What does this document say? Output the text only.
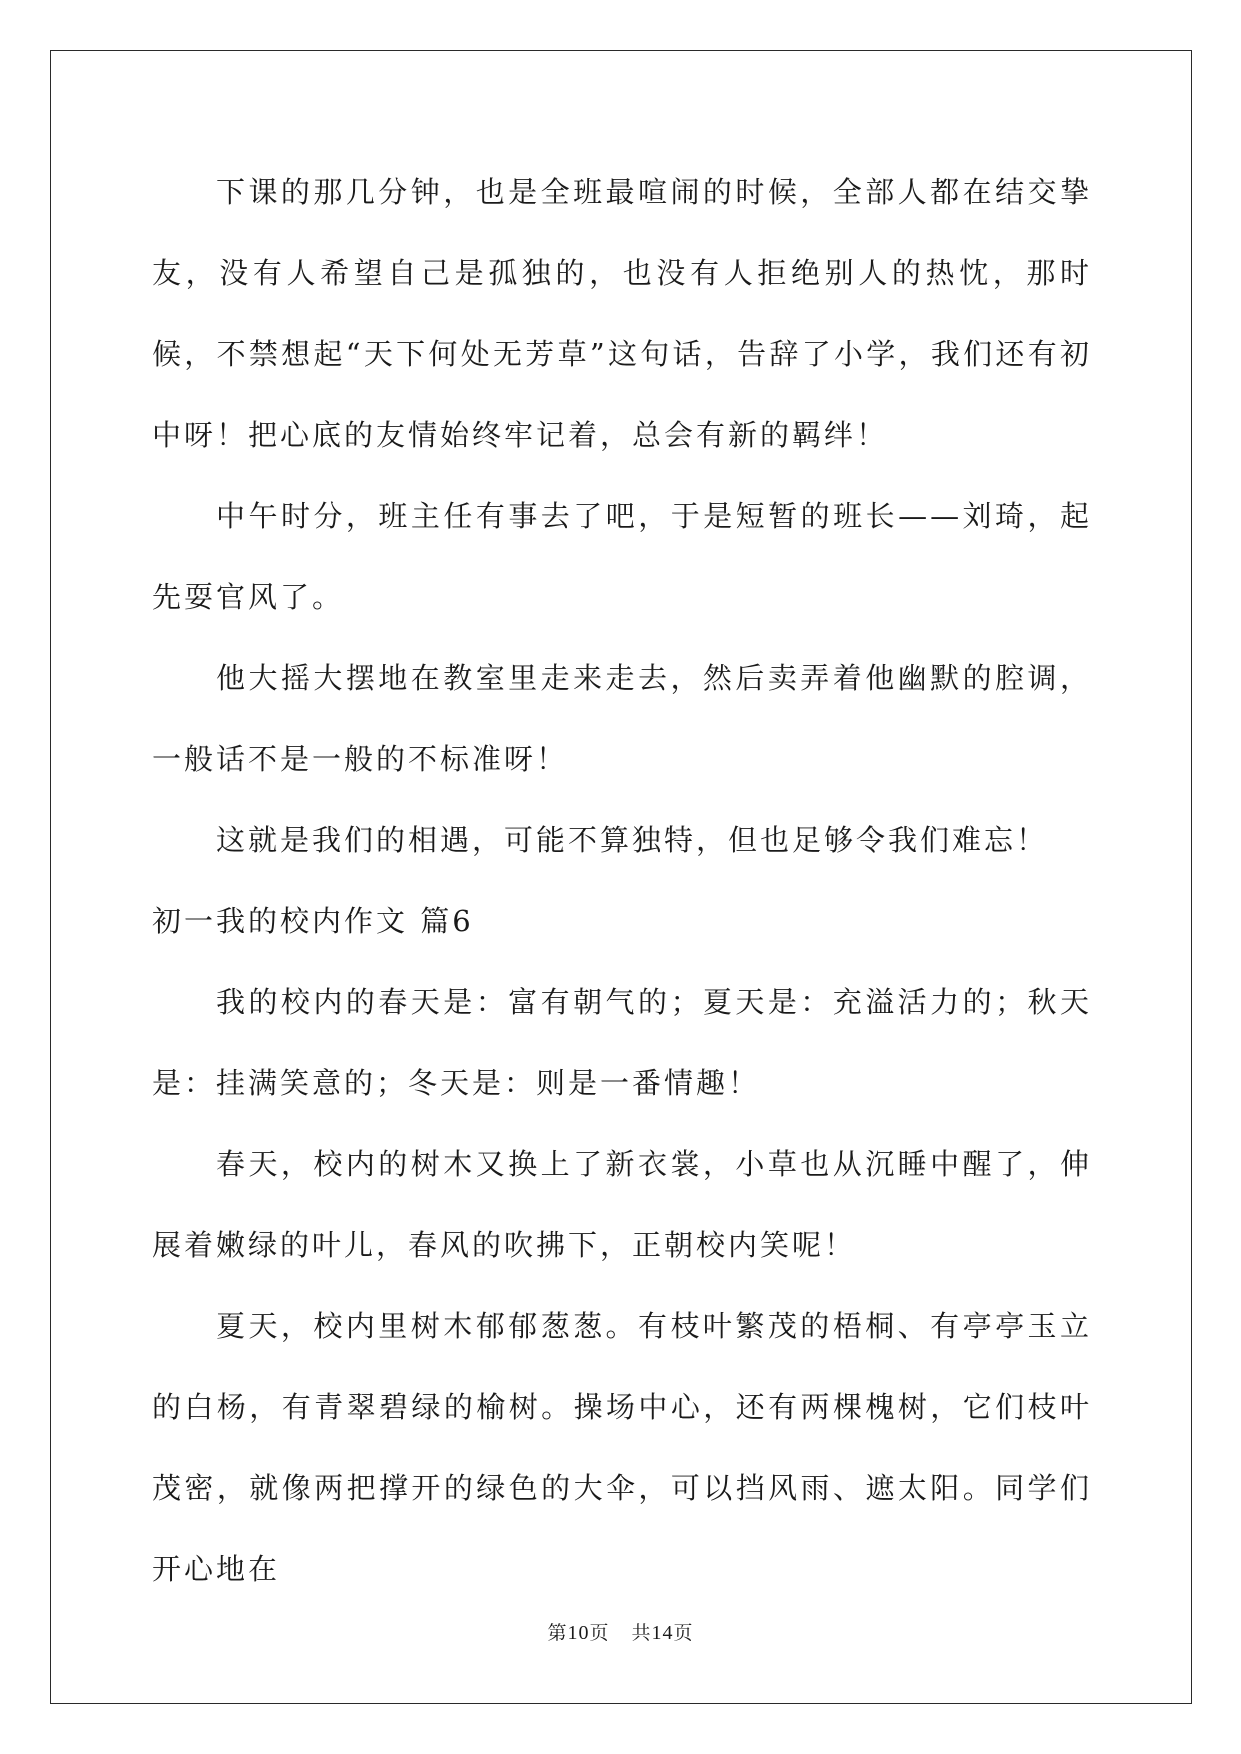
下课的那几分钟，也是全班最喧闹的时候，全部人都在结交挚友，没有人希望自己是孤独的，也没有人拒绝别人的热忱，那时候，不禁想起“天下何处无芳草”这句话，告辞了小学，我们还有初中呀！把心底的友情始终牢记着，总会有新的羁绊！

中午时分，班主任有事去了吧，于是短暂的班长——刘琦，起先耍官风了。

他大摇大摆地在教室里走来走去，然后卖弄着他幽默的腔调，一般话不是一般的不标准呀！

这就是我们的相遇，可能不算独特，但也足够令我们难忘！

初一我的校内作文 篇6

我的校内的春天是：富有朝气的；夏天是：充溢活力的；秋天是：挂满笑意的；冬天是：则是一番情趣！

春天，校内的树木又换上了新衣裳，小草也从沉睡中醒了，伸展着嫩绿的叶儿，春风的吹拂下，正朝校内笑呢！

夏天，校内里树木郁郁葱葱。有枝叶繁茂的梧桐、有亭亭玉立的白杨，有青翠碧绿的榆树。操场中心，还有两棵槐树，它们枝叶茂密，就像两把撑开的绿色的大伞，可以挡风雨、遮太阳。同学们开心地在

第10页 共14页
